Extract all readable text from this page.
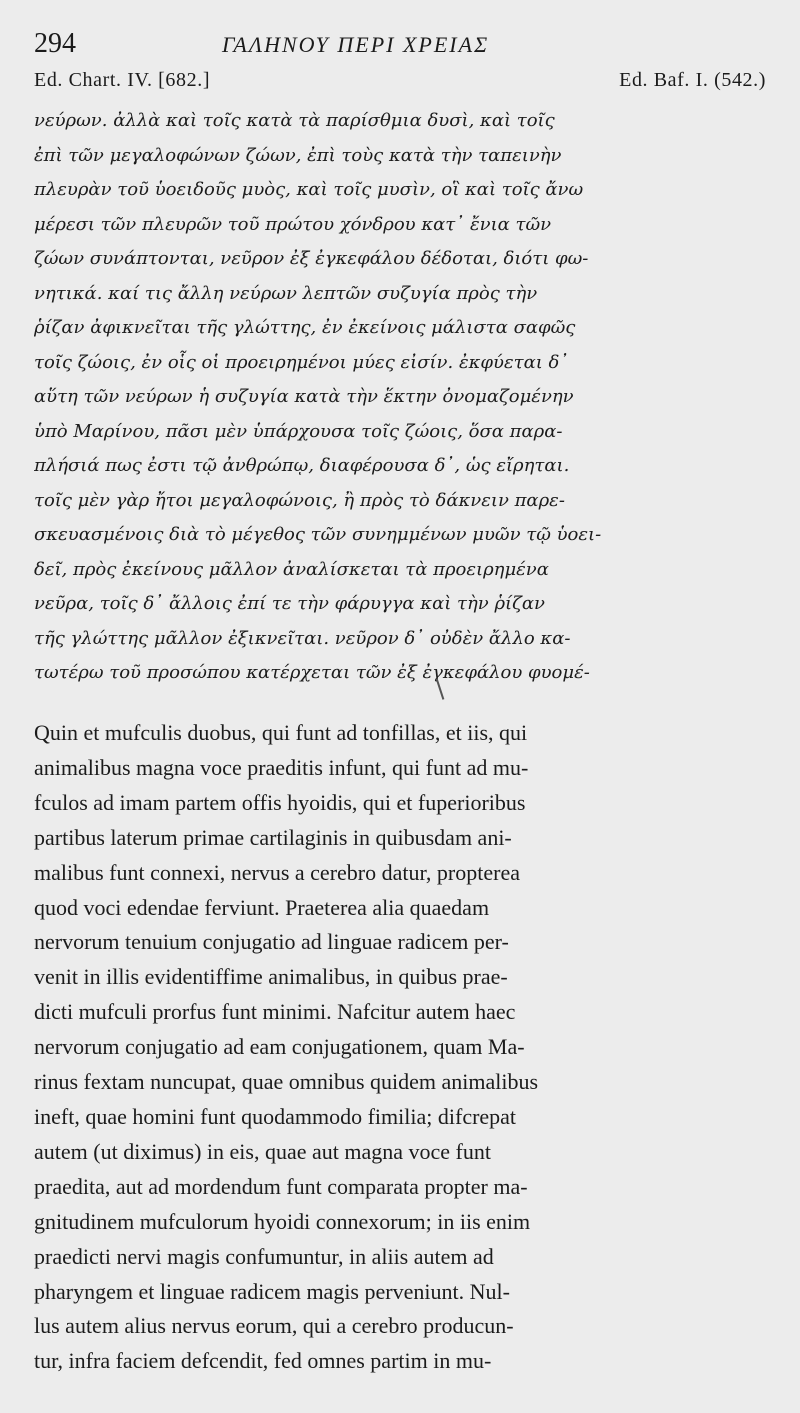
294	ΓΑΛΗΝΟΥ ΠΕΡΙ ΧΡΕΙΑΣ
Ed. Chart. IV. [682.]	Ed. Baf. I. (542.)
νεύρων. ἀλλὰ καὶ τοῖς κατὰ τὰ παρίσθμια δυσὶ, καὶ τοῖς
ἐπὶ τῶν μεγαλοφώνων ζώων, ἐπὶ τοὺς κατὰ τὴν ταπεινὴν
πλευρὰν τοῦ ὑοειδοῦς μυὸς, καὶ τοῖς μυσὶν, οἳ καὶ τοῖς ἄνω
μέρεσι τῶν πλευρῶν τοῦ πρώτου χόνδρου κατ᾽ ἔνια τῶν
ζώων συνάπτονται, νεῦρον ἐξ ἐγκεφάλου δέδοται, διότι φω-
νητικά. καί τις ἄλλη νεύρων λεπτῶν συζυγία πρὸς τὴν
ῥίζαν ἀφικνεῖται τῆς γλώττης, ἐν ἐκείνοις μάλιστα σαφῶς
τοῖς ζώοις, ἐν οἷς οἱ προειρημένοι μύες εἰσίν. ἐκφύεται δ᾽
αὕτη τῶν νεύρων ἡ συζυγία κατὰ τὴν ἕκτην ὀνομαζομένην
ὑπὸ Μαρίνου, πᾶσι μὲν ὑπάρχουσα τοῖς ζώοις, ὅσα παρα-
πλήσιά πως ἐστι τῷ ἀνθρώπῳ, διαφέρουσα δ᾽, ὡς εἴρηται.
τοῖς μὲν γὰρ ἤτοι μεγαλοφώνοις, ἢ πρὸς τὸ δάκνειν παρε-
σκευασμένοις διὰ τὸ μέγεθος τῶν συνημμένων μυῶν τῷ ὑοει-
δεῖ, πρὸς ἐκείνους μᾶλλον ἀναλίσκεται τὰ προειρημένα
νεῦρα, τοῖς δ᾽ ἄλλοις ἐπί τε τὴν φάρυγγα καὶ τὴν ῥίζαν
τῆς γλώττης μᾶλλον ἐξικνεῖται. νεῦρον δ᾽ οὐδὲν ἄλλο κα-
τωτέρω τοῦ προσώπου κατέρχεται τῶν ἐξ ἐγκεφάλου φυομέ-
Quin et mufculis duobus, qui funt ad tonfillas, et iis, qui
animalibus magna voce praeditis infunt, qui funt ad mu-
fculos ad imam partem offis hyoidis, qui et fuperioribus
partibus laterum primae cartilaginis in quibusdam ani-
malibus funt connexi, nervus a cerebro datur, propterea
quod voci edendae ferviunt. Praeterea alia quaedam
nervorum tenuium conjugatio ad linguae radicem per-
venit in illis evidentiffime animalibus, in quibus prae-
dicti mufculi prorfus funt minimi. Nafcitur autem haec
nervorum conjugatio ad eam conjugationem, quam Ma-
rinus fextam nuncupat, quae omnibus quidem animalibus
ineft, quae homini funt quodammodo fimilia; difcrepat
autem (ut diximus) in eis, quae aut magna voce funt
praedita, aut ad mordendum funt comparata propter ma-
gnitudinem mufculorum hyoidi connexorum; in iis enim
praedicti nervi magis confumuntur, in aliis autem ad
pharyngem et linguae radicem magis perveniunt. Nul-
lus autem alius nervus eorum, qui a cerebro producun-
tur, infra faciem defcendit, fed omnes partim in mu-
